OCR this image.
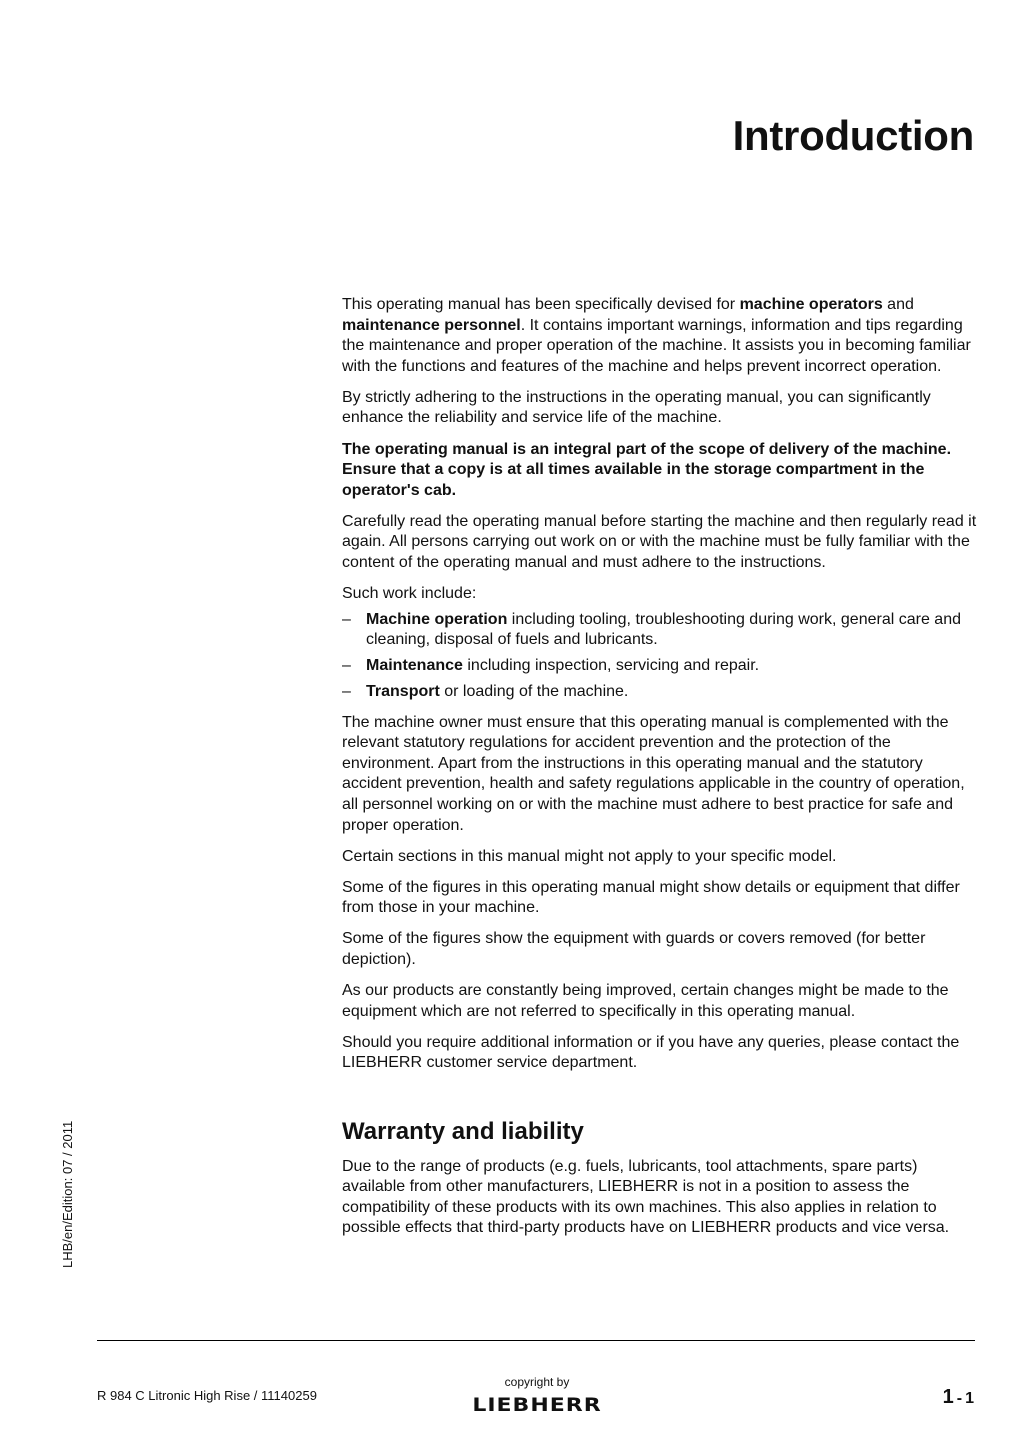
Introduction

This operating manual has been specifically devised for machine operators and maintenance personnel. It contains important warnings, information and tips regarding the maintenance and proper operation of the machine. It assists you in becoming familiar with the functions and features of the machine and helps prevent incorrect operation.

By strictly adhering to the instructions in the operating manual, you can significantly enhance the reliability and service life of the machine.

The operating manual is an integral part of the scope of delivery of the machine. Ensure that a copy is at all times available in the storage compartment in the operator's cab.

Carefully read the operating manual before starting the machine and then regularly read it again. All persons carrying out work on or with the machine must be fully familiar with the content of the operating manual and must adhere to the instructions.

Such work include:

– Machine operation including tooling, troubleshooting during work, general care and cleaning, disposal of fuels and lubricants.
– Maintenance including inspection, servicing and repair.
– Transport or loading of the machine.

The machine owner must ensure that this operating manual is complemented with the relevant statutory regulations for accident prevention and the protection of the environment. Apart from the instructions in this operating manual and the statutory accident prevention, health and safety regulations applicable in the country of operation, all personnel working on or with the machine must adhere to best practice for safe and proper operation.

Certain sections in this manual might not apply to your specific model.

Some of the figures in this operating manual might show details or equipment that differ from those in your machine.

Some of the figures show the equipment with guards or covers removed (for better depiction).

As our products are constantly being improved, certain changes might be made to the equipment which are not referred to specifically in this operating manual.

Should you require additional information or if you have any queries, please contact the LIEBHERR customer service department.

Warranty and liability

Due to the range of products (e.g. fuels, lubricants, tool attachments, spare parts) available from other manufacturers, LIEBHERR is not in a position to assess the compatibility of these products with its own machines. This also applies in relation to possible effects that third-party products have on LIEBHERR products and vice versa.

LHB/en/Edition: 07 / 2011
R 984 C Litronic High Rise / 11140259
copyright by
LIEBHERR	1 - 1
